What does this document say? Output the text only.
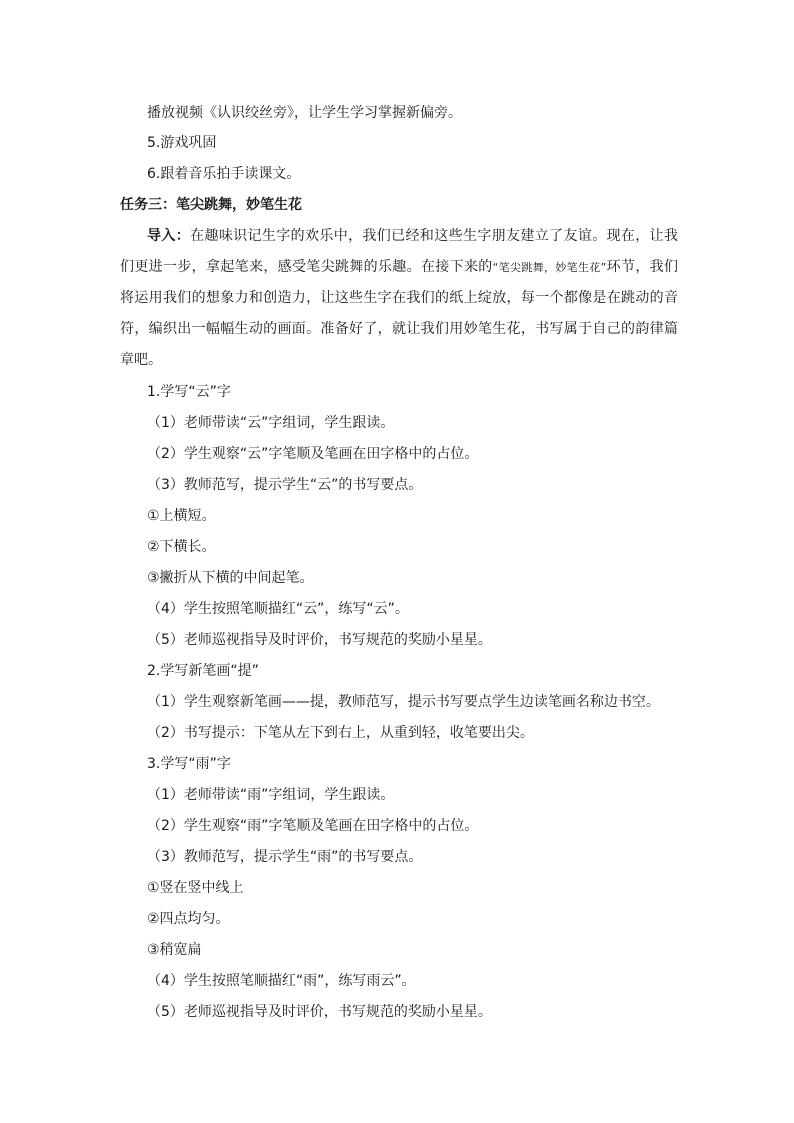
播放视频《认识绞丝旁》，让学生学习掌握新偏旁。
5.游戏巩固
6.跟着音乐拍手读课文。
任务三：笔尖跳舞，妙笔生花
导入：在趣味识记生字的欢乐中，我们已经和这些生字朋友建立了友谊。现在，让我们更进一步，拿起笔来，感受笔尖跳舞的乐趣。在接下来的“笔尖跳舞，妙笔生花”环节，我们将运用我们的想象力和创造力，让这些生字在我们的纸上绽放，每一个都像是在跳动的音符，编织出一幅幅生动的画面。准备好了，就让我们用妙笔生花，书写属于自己的韵律篇章吧。
1.学写“云”字
（1）老师带读“云”字组词，学生跟读。
（2）学生观察“云”字笔顺及笔画在田字格中的占位。
（3）教师范写，提示学生“云”的书写要点。
①上横短。
②下横长。
③撇折从下横的中间起笔。
（4）学生按照笔顺描红“云”，练写“云”。
（5）老师巡视指导及时评价，书写规范的奖励小星星。
2.学写新笔画“提”
（1）学生观察新笔画——提，教师范写，提示书写要点学生边读笔画名称边书空。
（2）书写提示：下笔从左下到右上，从重到轻，收笔要出尖。
3.学写“雨”字
（1）老师带读“雨”字组词，学生跟读。
（2）学生观察“雨”字笔顺及笔画在田字格中的占位。
（3）教师范写，提示学生“雨”的书写要点。
①竖在竖中线上
②四点均匀。
③稍宽扁
（4）学生按照笔顺描红“雨”，练写雨云”。
（5）老师巡视指导及时评价，书写规范的奖励小星星。
